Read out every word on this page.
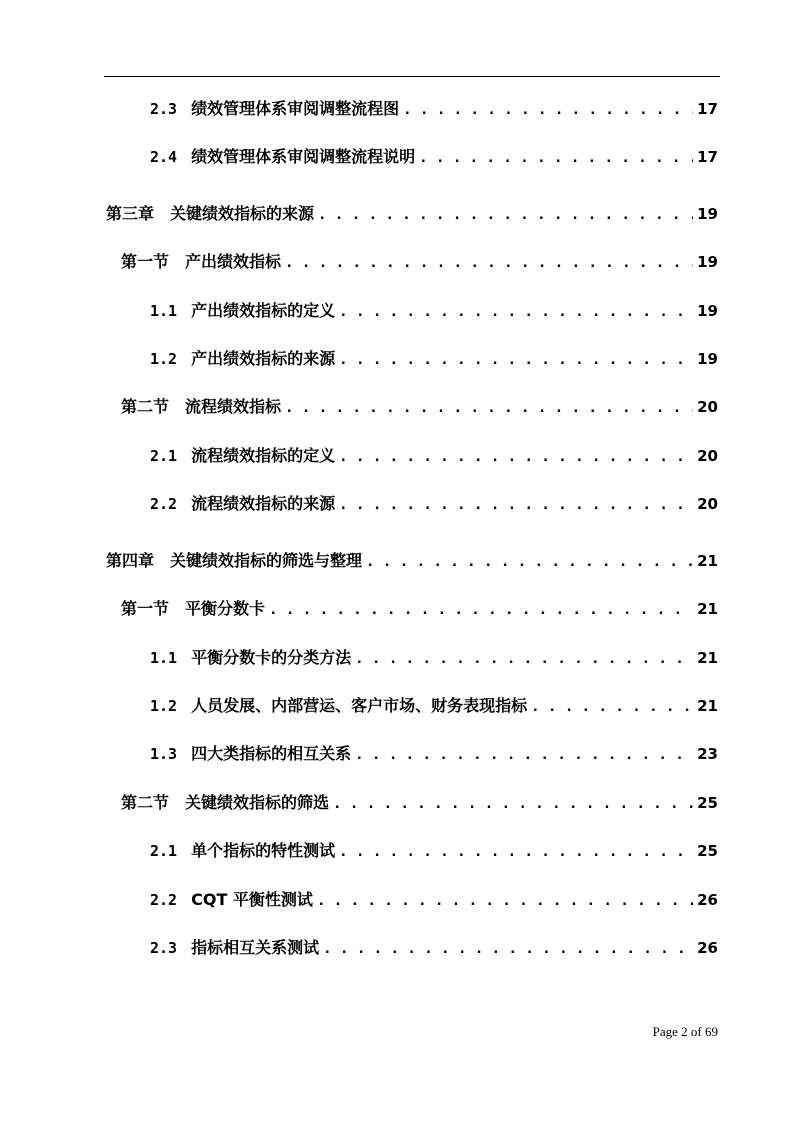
2.3 绩效管理体系审阅调整流程图 . . .	17
2.4 绩效管理体系审阅调整流程说明 . . .	17
第三章　关键绩效指标的来源 . . .	19
第一节　产出绩效指标 . . .	19
1.1 产出绩效指标的定义 . . .	19
1.2 产出绩效指标的来源 . . .	19
第二节　流程绩效指标 . . .	20
2.1 流程绩效指标的定义 . . .	20
2.2 流程绩效指标的来源 . . .	20
第四章　关键绩效指标的筛选与整理 . . .	21
第一节　平衡分数卡 . . .	21
1.1 平衡分数卡的分类方法 . . .	21
1.2 人员发展、内部营运、客户市场、财务表现指标 . . .	21
1.3 四大类指标的相互关系 . . .	23
第二节　关键绩效指标的筛选 . . .	25
2.1 单个指标的特性测试 . . .	25
2.2 CQT 平衡性测试 . . .	26
2.3 指标相互关系测试 . . .	26
Page 2 of 69
